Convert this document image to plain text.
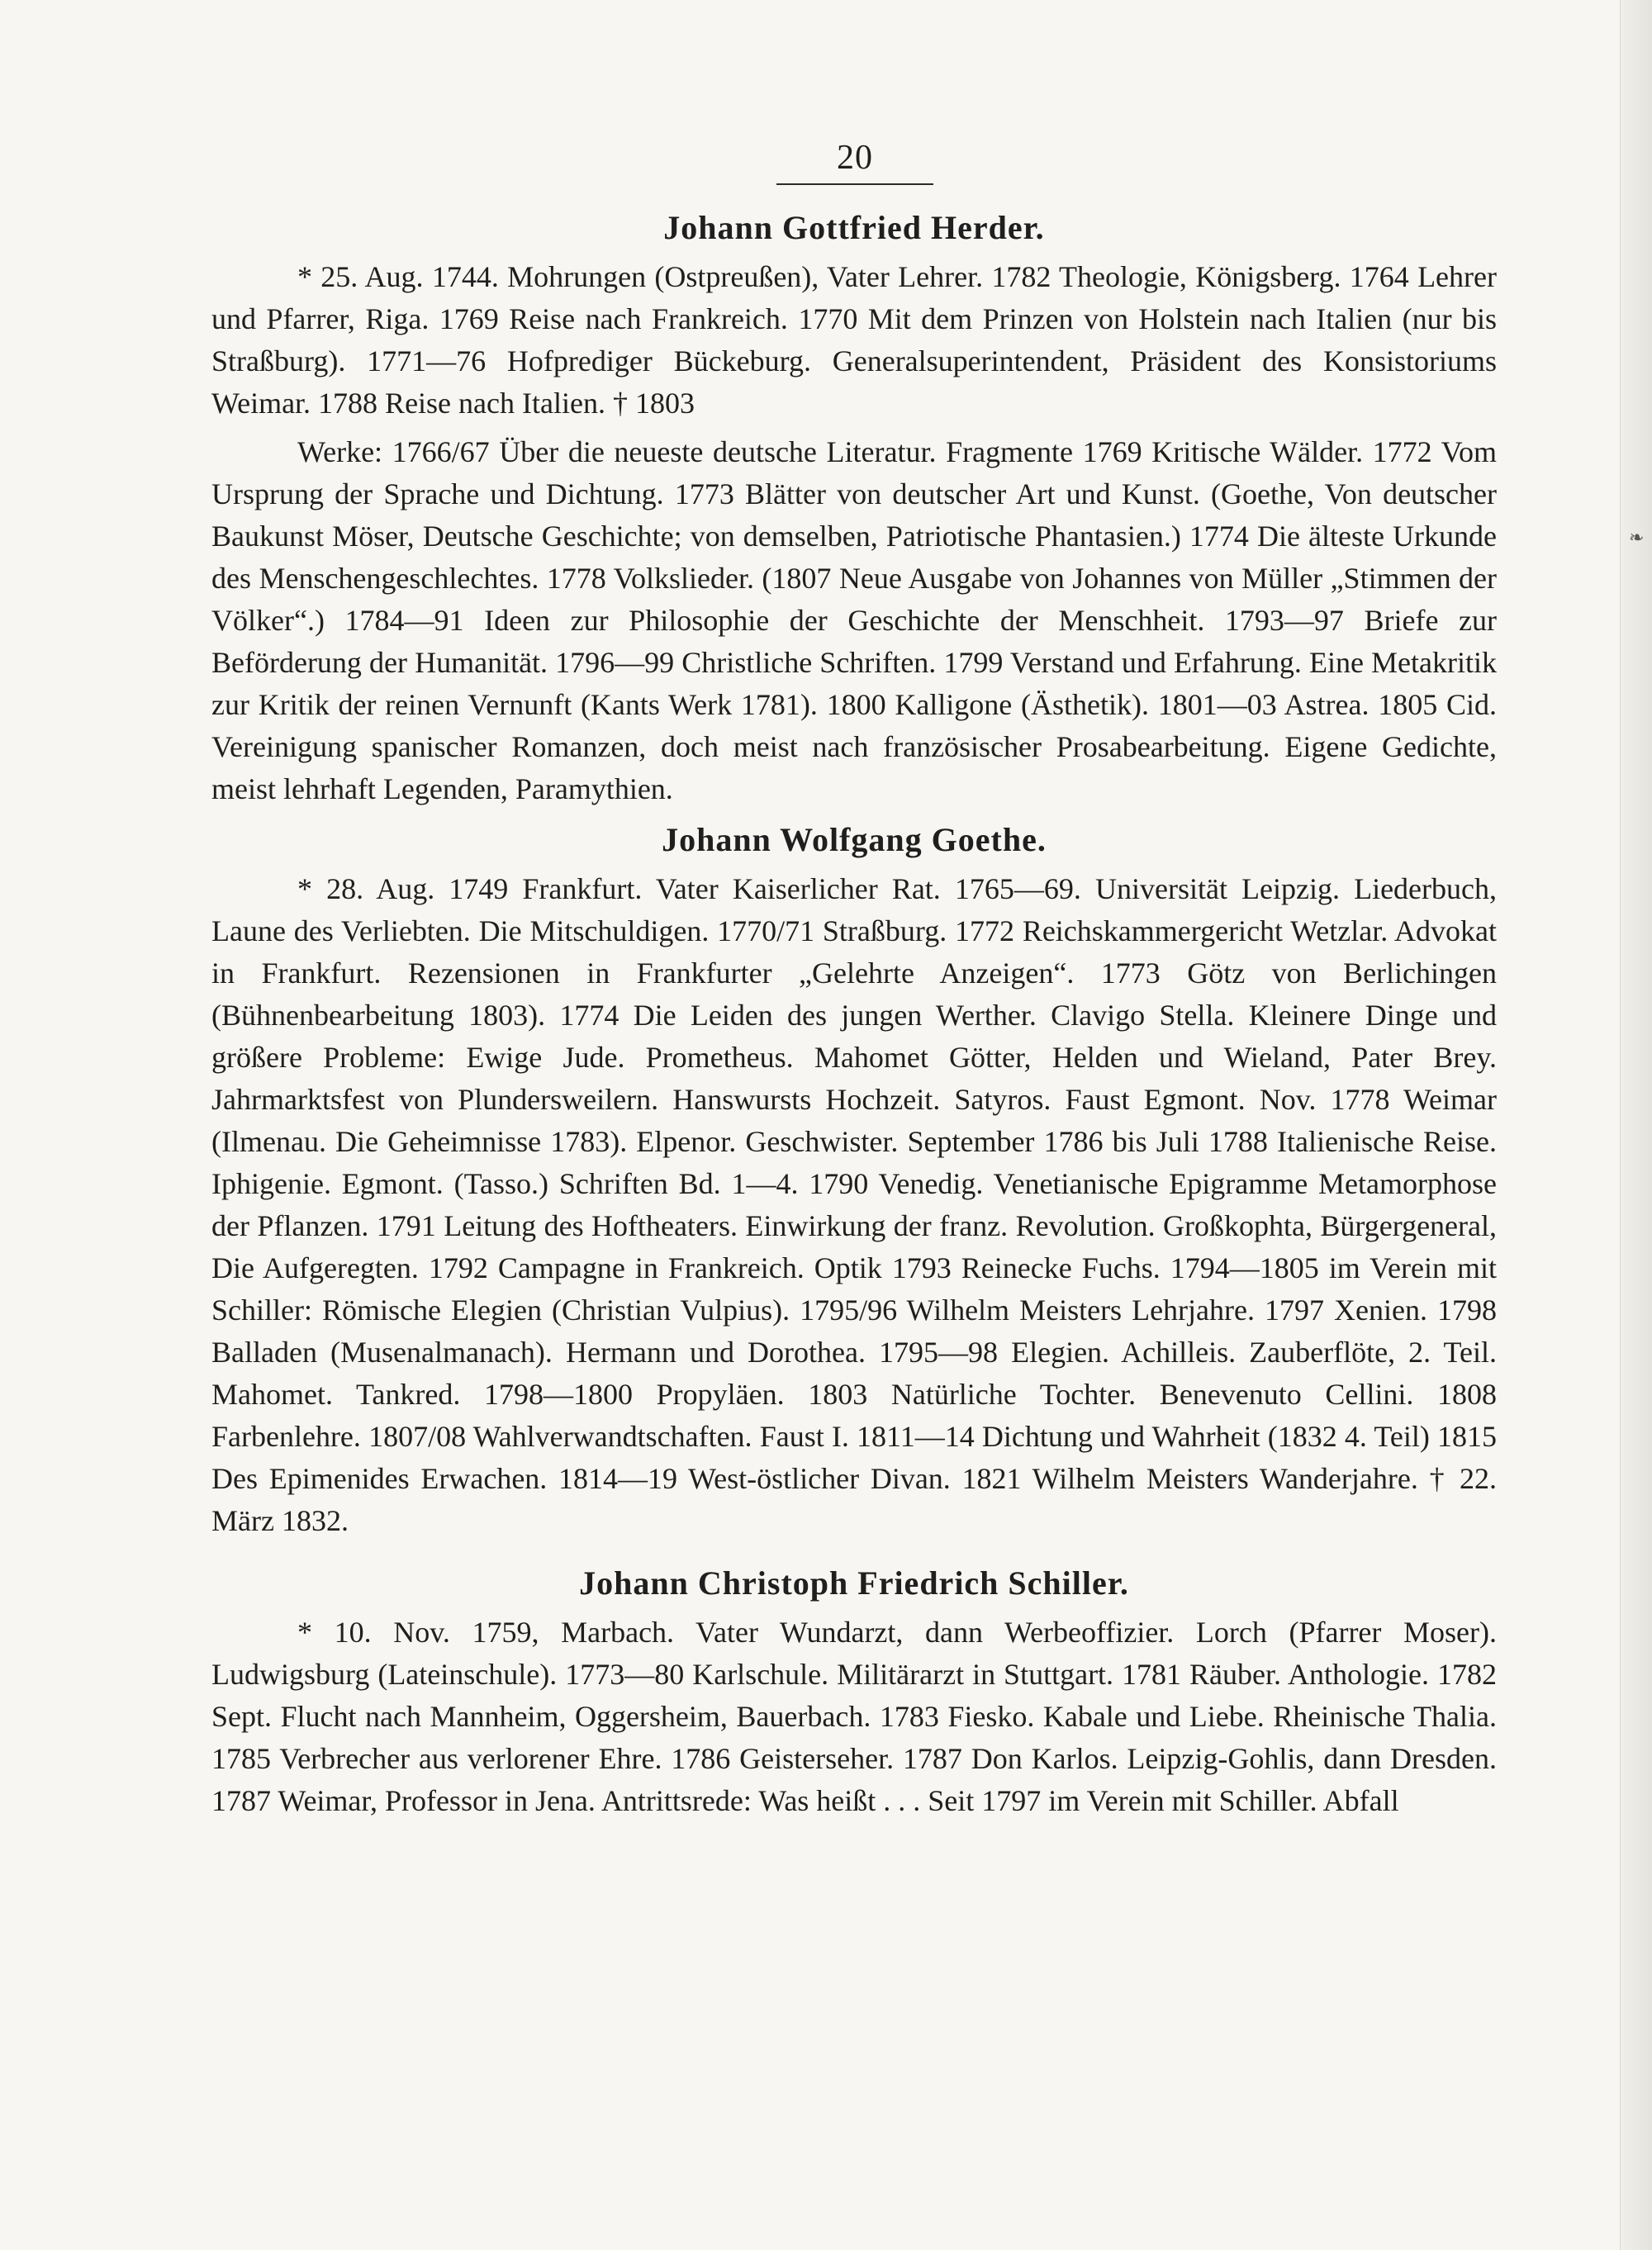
❧
20
Johann Gottfried Herder.

* 25. Aug. 1744. Mohrungen (Ostpreußen), Vater Lehrer. 1782 Theologie, Königsberg. 1764 Lehrer und Pfarrer, Riga. 1769 Reise nach Frankreich. 1770 Mit dem Prinzen von Holstein nach Italien (nur bis Straßburg). 1771—76 Hofprediger Bückeburg. Generalsuperintendent, Präsident des Konsistoriums Weimar. 1788 Reise nach Italien. † 1803

Werke: 1766/67 Über die neueste deutsche Literatur. Fragmente 1769 Kritische Wälder. 1772 Vom Ursprung der Sprache und Dichtung. 1773 Blätter von deutscher Art und Kunst. (Goethe, Von deutscher Baukunst Möser, Deutsche Geschichte; von demselben, Patriotische Phantasien.) 1774 Die älteste Urkunde des Menschengeschlechtes. 1778 Volkslieder. (1807 Neue Ausgabe von Johannes von Müller „Stimmen der Völker“.) 1784—91 Ideen zur Philosophie der Geschichte der Menschheit. 1793—97 Briefe zur Beförderung der Humanität. 1796—99 Christliche Schriften. 1799 Verstand und Erfahrung. Eine Metakritik zur Kritik der reinen Vernunft (Kants Werk 1781). 1800 Kalligone (Ästhetik). 1801—03 Astrea. 1805 Cid. Vereinigung spanischer Romanzen, doch meist nach französischer Prosabearbeitung. Eigene Gedichte, meist lehrhaft Legenden, Paramythien.

Johann Wolfgang Goethe.

* 28. Aug. 1749 Frankfurt. Vater Kaiserlicher Rat. 1765—69. Universität Leipzig. Liederbuch, Laune des Verliebten. Die Mitschuldigen. 1770/71 Straßburg. 1772 Reichskammergericht Wetzlar. Advokat in Frankfurt. Rezensionen in Frankfurter „Gelehrte Anzeigen“. 1773 Götz von Berlichingen (Bühnenbearbeitung 1803). 1774 Die Leiden des jungen Werther. Clavigo Stella. Kleinere Dinge und größere Probleme: Ewige Jude. Prometheus. Mahomet Götter, Helden und Wieland, Pater Brey. Jahrmarktsfest von Plundersweilern. Hanswursts Hochzeit. Satyros. Faust Egmont. Nov. 1778 Weimar (Ilmenau. Die Geheimnisse 1783). Elpenor. Geschwister. September 1786 bis Juli 1788 Italienische Reise. Iphigenie. Egmont. (Tasso.) Schriften Bd. 1—4. 1790 Venedig. Venetianische Epigramme Metamorphose der Pflanzen. 1791 Leitung des Hoftheaters. Einwirkung der franz. Revolution. Großkophta, Bürgergeneral, Die Aufgeregten. 1792 Campagne in Frankreich. Optik 1793 Reinecke Fuchs. 1794—1805 im Verein mit Schiller: Römische Elegien (Christian Vulpius). 1795/96 Wilhelm Meisters Lehrjahre. 1797 Xenien. 1798 Balladen (Musenalmanach). Hermann und Dorothea. 1795—98 Elegien. Achilleis. Zauberflöte, 2. Teil. Mahomet. Tankred. 1798—1800 Propyläen. 1803 Natürliche Tochter. Benevenuto Cellini. 1808 Farbenlehre. 1807/08 Wahlverwandtschaften. Faust I. 1811—14 Dichtung und Wahrheit (1832 4. Teil) 1815 Des Epimenides Erwachen. 1814—19 West-östlicher Divan. 1821 Wilhelm Meisters Wanderjahre. † 22. März 1832.

Johann Christoph Friedrich Schiller.

* 10. Nov. 1759, Marbach. Vater Wundarzt, dann Werbeoffizier. Lorch (Pfarrer Moser). Ludwigsburg (Lateinschule). 1773—80 Karlschule. Militärarzt in Stuttgart. 1781 Räuber. Anthologie. 1782 Sept. Flucht nach Mannheim, Oggersheim, Bauerbach. 1783 Fiesko. Kabale und Liebe. Rheinische Thalia. 1785 Verbrecher aus verlorener Ehre. 1786 Geisterseher. 1787 Don Karlos. Leipzig-Gohlis, dann Dresden. 1787 Weimar, Professor in Jena. Antrittsrede: Was heißt . . . Seit 1797 im Verein mit Schiller. Abfall
